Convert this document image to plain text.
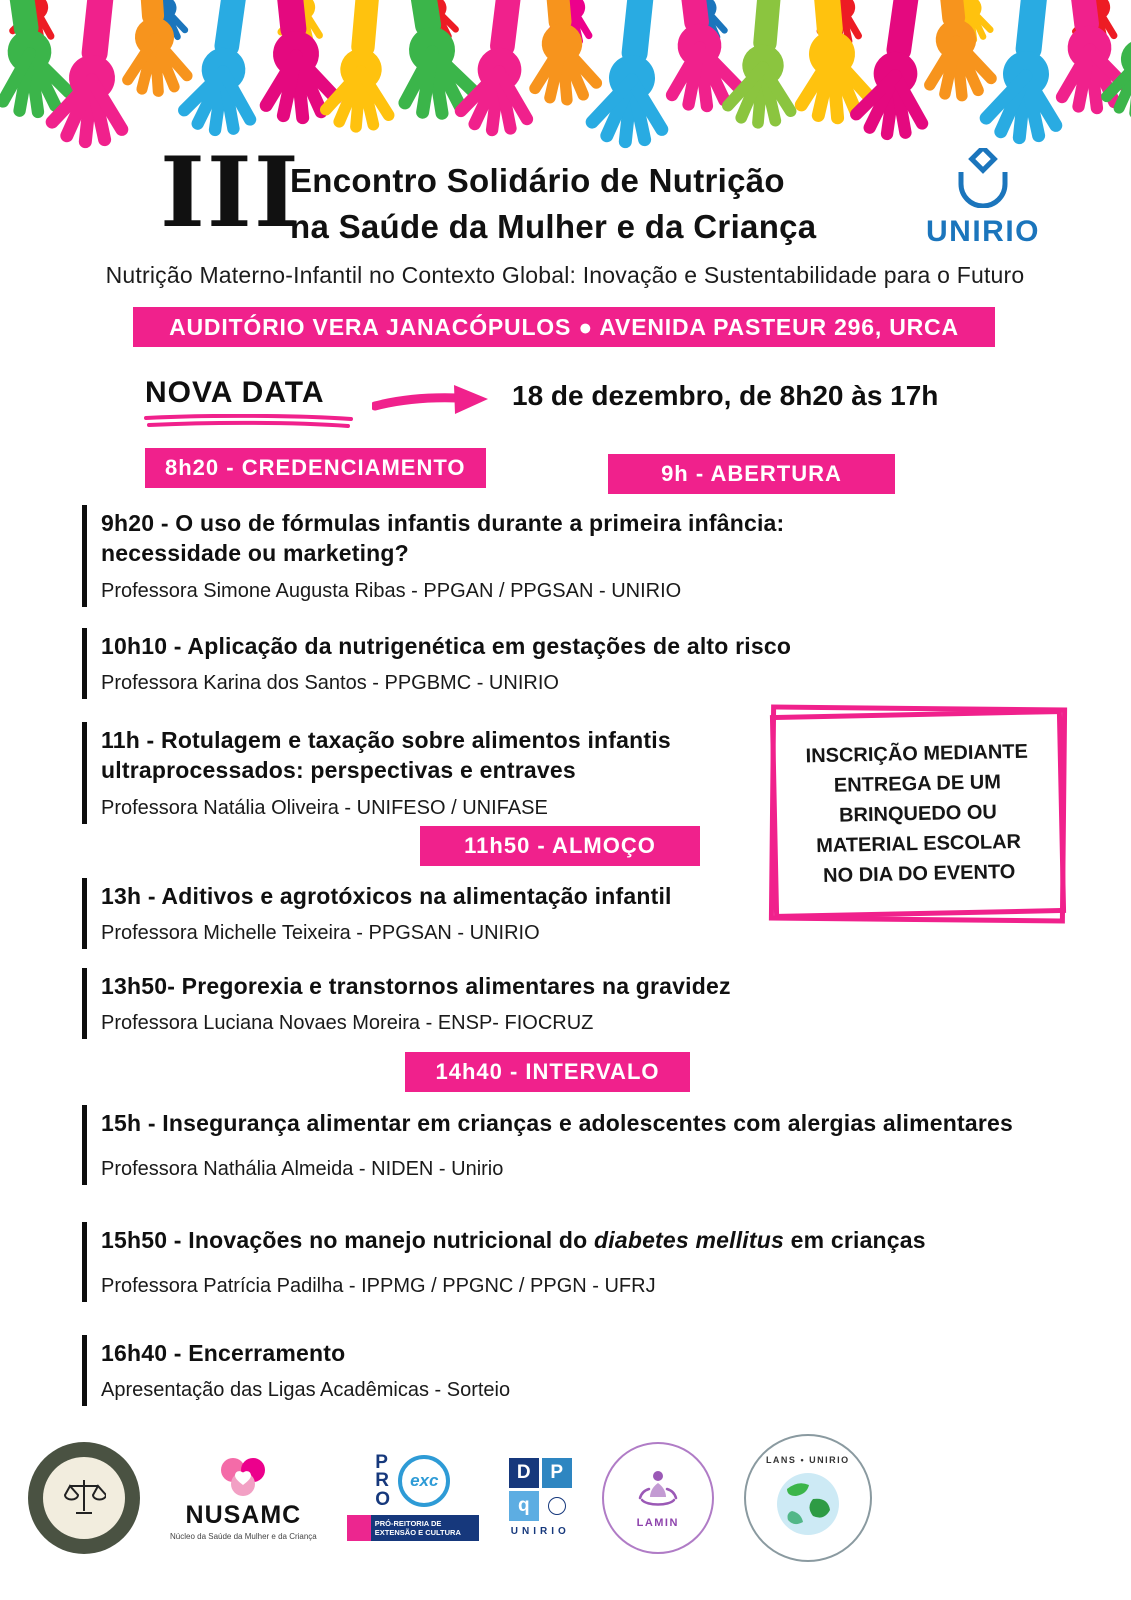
III
Encontro Solidário de Nutrição
na Saúde da Mulher e da Criança	UNIRIO
Nutrição Materno-Infantil no Contexto Global: Inovação e Sustentabilidade para o Futuro
AUDITÓRIO VERA JANACÓPULOS ● AVENIDA PASTEUR 296, URCA
NOVA DATA	18 de dezembro, de 8h20 às 17h
8h20 - CREDENCIAMENTO	9h - ABERTURA
9h20 - O uso de fórmulas infantis durante a primeira infância: necessidade ou marketing?

Professora Simone Augusta Ribas - PPGAN / PPGSAN - UNIRIO

10h10 - Aplicação da nutrigenética em gestações de alto risco

Professora Karina dos Santos - PPGBMC - UNIRIO

11h - Rotulagem e taxação sobre alimentos infantis ultraprocessados: perspectivas e entraves

Professora Natália Oliveira - UNIFESO / UNIFASE

11h50 - ALMOÇO
INSCRIÇÃO MEDIANTE
ENTREGA DE UM
BRINQUEDO OU
MATERIAL ESCOLAR
NO DIA DO EVENTO
13h - Aditivos e agrotóxicos na alimentação infantil

Professora Michelle Teixeira - PPGSAN - UNIRIO

13h50- Pregorexia e transtornos alimentares na gravidez

Professora Luciana Novaes Moreira - ENSP- FIOCRUZ

14h40 - INTERVALO
15h - Insegurança alimentar em crianças e adolescentes com alergias alimentares

Professora Nathália Almeida - NIDEN - Unirio

15h50 - Inovações no manejo nutricional do diabetes mellitus em crianças

Professora Patrícia Padilha - IPPMG / PPGNC / PPGN - UFRJ

16h40 - Encerramento

Apresentação das Ligas Acadêmicas - Sorteio

NUSAMC
Núcleo da Saúde da Mulher e da Criança
PRO
exc
PRÓ-REITORIA DE EXTENSÃO E CULTURA
D	P
q
UNIRIO
LAMIN
LANS • UNIRIO
